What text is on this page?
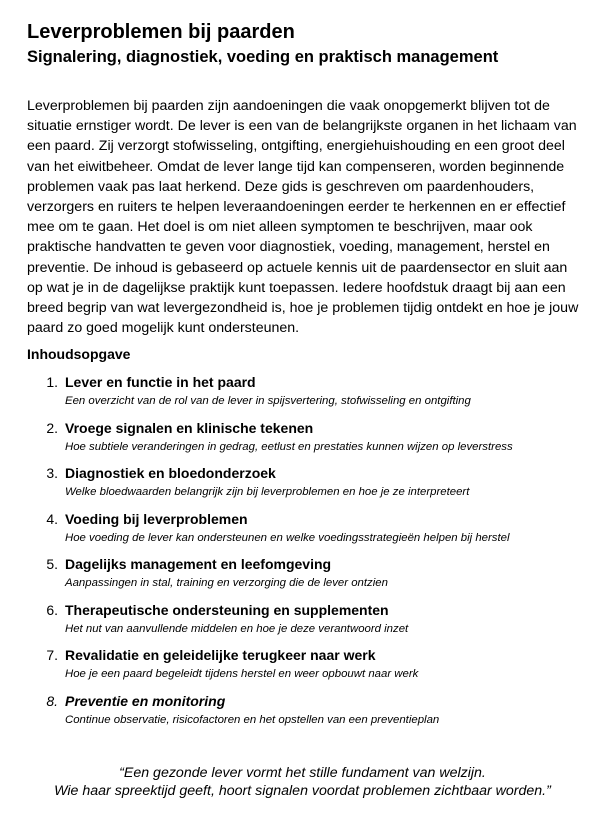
Leverproblemen bij paarden
Signalering, diagnostiek, voeding en praktisch management

Leverproblemen bij paarden zijn aandoeningen die vaak onopgemerkt blijven tot de situatie ernstiger wordt. De lever is een van de belangrijkste organen in het lichaam van een paard. Zij verzorgt stofwisseling, ontgifting, energiehuishouding en een groot deel van het eiwitbeheer. Omdat de lever lange tijd kan compenseren, worden beginnende problemen vaak pas laat herkend. Deze gids is geschreven om paardenhouders, verzorgers en ruiters te helpen leveraandoeningen eerder te herkennen en er effectief mee om te gaan. Het doel is om niet alleen symptomen te beschrijven, maar ook praktische handvatten te geven voor diagnostiek, voeding, management, herstel en preventie. De inhoud is gebaseerd op actuele kennis uit de paardensector en sluit aan op wat je in de dagelijkse praktijk kunt toepassen. Iedere hoofdstuk draagt bij aan een breed begrip van wat levergezondheid is, hoe je problemen tijdig ontdekt en hoe je jouw paard zo goed mogelijk kunt ondersteunen.

Inhoudsopgave
1. Lever en functie in het paard
Een overzicht van de rol van de lever in spijsvertering, stofwisseling en ontgifting
2. Vroege signalen en klinische tekenen
Hoe subtiele veranderingen in gedrag, eetlust en prestaties kunnen wijzen op leverstress
3. Diagnostiek en bloedonderzoek
Welke bloedwaarden belangrijk zijn bij leverproblemen en hoe je ze interpreteert
4. Voeding bij leverproblemen
Hoe voeding de lever kan ondersteunen en welke voedingsstrategieën helpen bij herstel
5. Dagelijks management en leefomgeving
Aanpassingen in stal, training en verzorging die de lever ontzien
6. Therapeutische ondersteuning en supplementen
Het nut van aanvullende middelen en hoe je deze verantwoord inzet
7. Revalidatie en geleidelijke terugkeer naar werk
Hoe je een paard begeleidt tijdens herstel en weer opbouwt naar werk
8. Preventie en monitoring
Continue observatie, risicofactoren en het opstellen van een preventieplan

“Een gezonde lever vormt het stille fundament van welzijn.
Wie haar spreektijd geeft, hoort signalen voordat problemen zichtbaar worden.”
